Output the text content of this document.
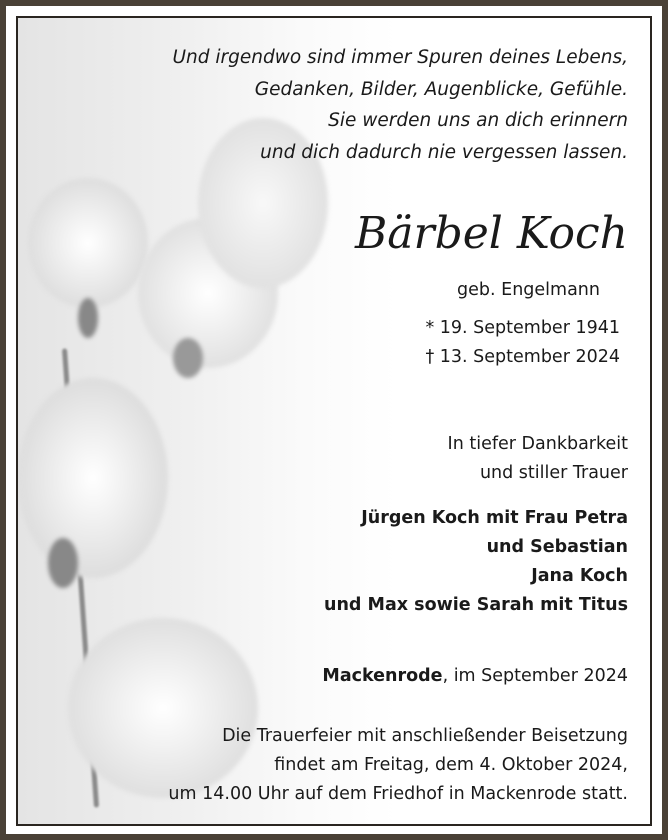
Und irgendwo sind immer Spuren deines Lebens,
Gedanken, Bilder, Augenblicke, Gefühle.
Sie werden uns an dich erinnern
und dich dadurch nie vergessen lassen.
Bärbel Koch
geb. Engelmann
* 19. September 1941
† 13. September 2024
In tiefer Dankbarkeit
und stiller Trauer
Jürgen Koch mit Frau Petra
und Sebastian
Jana Koch
und Max sowie Sarah mit Titus
Mackenrode, im September 2024
Die Trauerfeier mit anschließender Beisetzung
findet am Freitag, dem 4. Oktober 2024,
um 14.00 Uhr auf dem Friedhof in Mackenrode statt.
